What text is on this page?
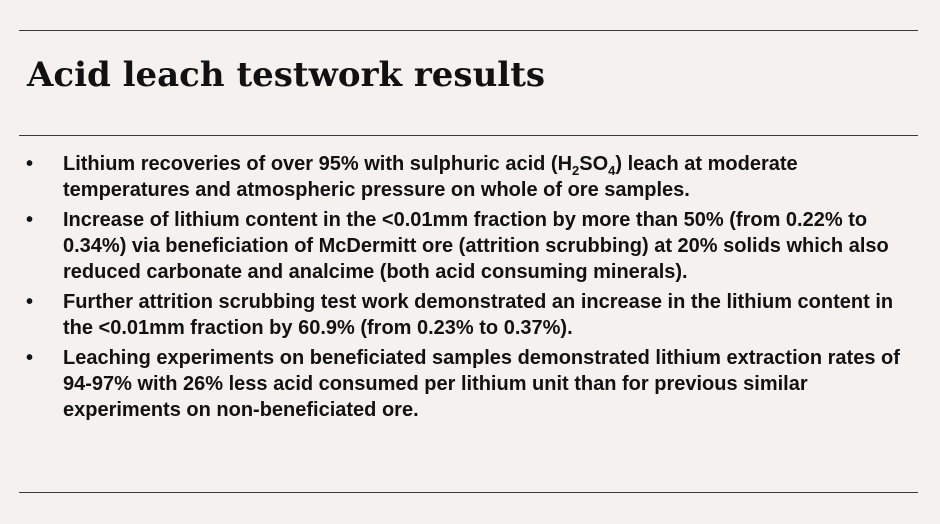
Acid leach testwork results
• Lithium recoveries of over 95% with sulphuric acid $(H_2SO_4)$ leach at moderate temperatures and atmospheric pressure on whole of ore samples.
• Increase of lithium content in the <0.01mm fraction by more than 50% (from 0.22% to 0.34%) via beneficiation of McDermitt ore (attrition scrubbing) at 20% solids which also reduced carbonate and analcime (both acid consuming minerals).
• Further attrition scrubbing test work demonstrated an increase in the lithium content in the <0.01mm fraction by 60.9% (from 0.23% to 0.37%).
• Leaching experiments on beneficiated samples demonstrated lithium extraction rates of 94-97% with 26% less acid consumed per lithium unit than for previous similar experiments on non-beneficiated ore.
